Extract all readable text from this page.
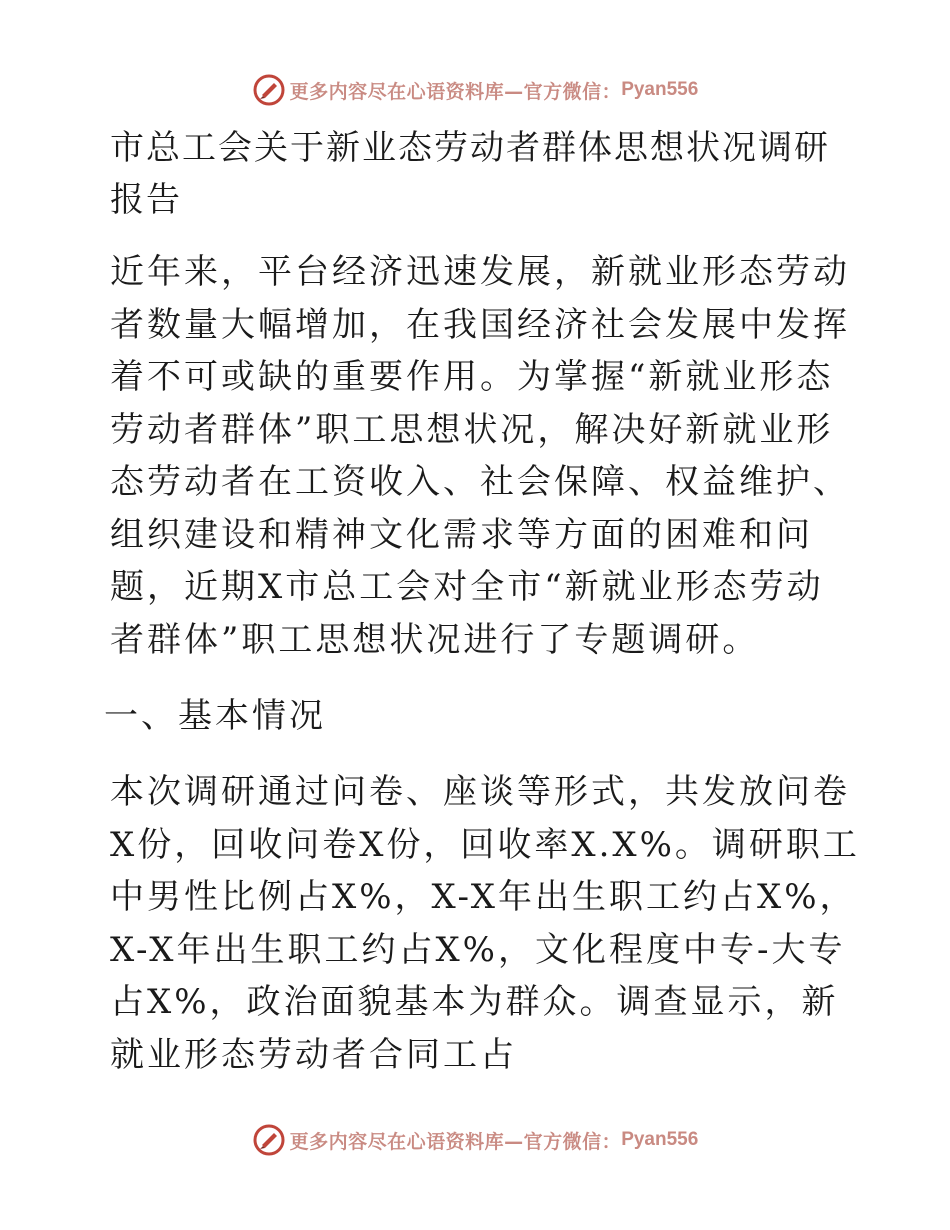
更多内容尽在心语资料库—官方微信： Pyan556
市总工会关于新业态劳动者群体思想状况调研报告
近年来，平台经济迅速发展，新就业形态劳动者数量大幅增加，在我国经济社会发展中发挥着不可或缺的重要作用。为掌握“新就业形态劳动者群体”职工思想状况，解决好新就业形态劳动者在工资收入、社会保障、权益维护、组织建设和精神文化需求等方面的困难和问题，近期X市总工会对全市“新就业形态劳动者群体”职工思想状况进行了专题调研。
一、基本情况
本次调研通过问卷、座谈等形式，共发放问卷X份，回收问卷X份，回收率X.X%。调研职工中男性比例占X%，X-X年出生职工约占X%，X-X年出生职工约占X%，文化程度中专-大专占X%，政治面貌基本为群众。调查显示，新就业形态劳动者合同工占
更多内容尽在心语资料库—官方微信： Pyan556
